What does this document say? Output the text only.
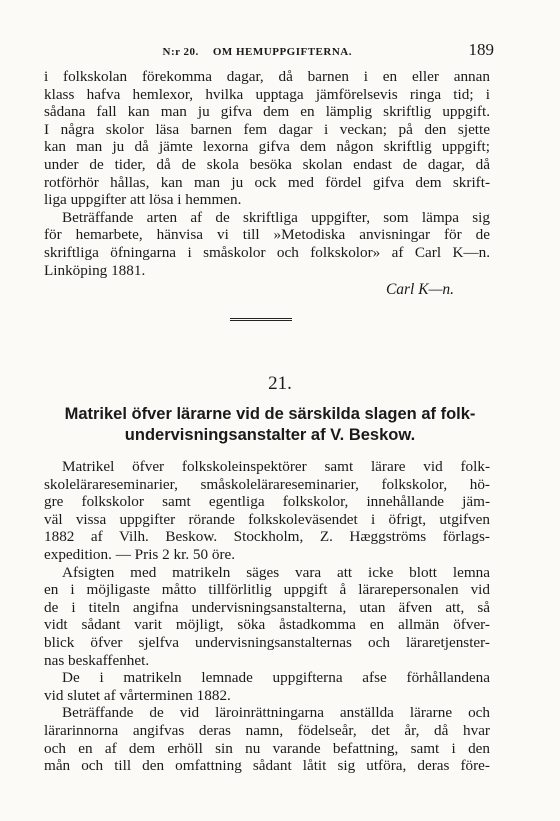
N:r 20. OM HEMUPPGIFTERNA.	189
i folkskolan förekomma dagar, då barnen i en eller annan
klass hafva hemlexor, hvilka upptaga jämförelsevis ringa tid; i
sådana fall kan man ju gifva dem en lämplig skriftlig uppgift.
I några skolor läsa barnen fem dagar i veckan; på den sjette
kan man ju då jämte lexorna gifva dem någon skriftlig uppgift;
under de tider, då de skola besöka skolan endast de dagar, då
rotförhör hållas, kan man ju ock med fördel gifva dem skrift-
liga uppgifter att lösa i hemmen.
Beträffande arten af de skriftliga uppgifter, som lämpa sig
för hemarbete, hänvisa vi till »Metodiska anvisningar för de
skriftliga öfningarna i småskolor och folkskolor» af Carl K—n.
Linköping 1881.
Carl K—n.
21.
Matrikel öfver lärarne vid de särskilda slagen af folk-
undervisningsanstalter af V. Beskow.
Matrikel öfver folkskoleinspektörer samt lärare vid folk-
skolelärareseminarier, småskolelärareseminarier, folkskolor, hö-
gre folkskolor samt egentliga folkskolor, innehållande jäm-
väl vissa uppgifter rörande folkskoleväsendet i öfrigt, utgifven
1882 af Vilh. Beskow. Stockholm, Z. Hæggströms förlags-
expedition. — Pris 2 kr. 50 öre.
Afsigten med matrikeln säges vara att icke blott lemna
en i möjligaste måtto tillförlitlig uppgift å lärarepersonalen vid
de i titeln angifna undervisningsanstalterna, utan äfven att, så
vidt sådant varit möjligt, söka åstadkomma en allmän öfver-
blick öfver sjelfva undervisningsanstalternas och läraretjenster-
nas beskaffenhet.
De i matrikeln lemnade uppgifterna afse förhållandena
vid slutet af vårterminen 1882.
Beträffande de vid läroinrättningarna anställda lärarne och
lärarinnorna angifvas deras namn, födelseår, det år, då hvar
och en af dem erhöll sin nu varande befattning, samt i den
mån och till den omfattning sådant låtit sig utföra, deras före-
